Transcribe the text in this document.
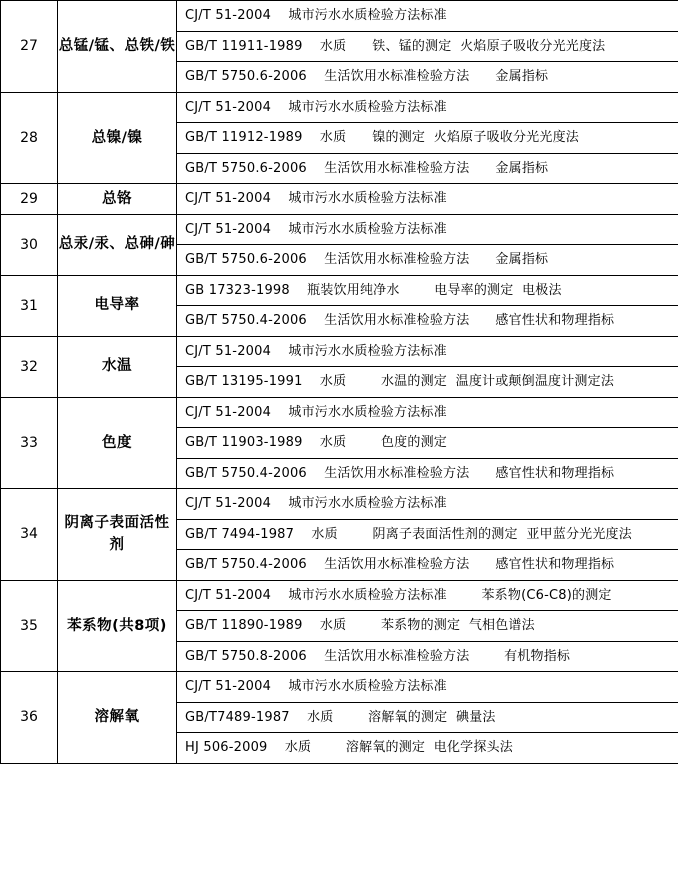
27	总锰/锰、总铁/铁	CJ/T 51-2004    城市污水水质检验方法标准
GB/T 11911-1989    水质      铁、锰的测定  火焰原子吸收分光光度法
GB/T 5750.6-2006    生活饮用水标准检验方法      金属指标

28	总镍/镍	CJ/T 51-2004    城市污水水质检验方法标准
GB/T 11912-1989    水质      镍的测定  火焰原子吸收分光光度法
GB/T 5750.6-2006    生活饮用水标准检验方法      金属指标

29	总铬	CJ/T 51-2004    城市污水水质检验方法标准

30	总汞/汞、总砷/砷	CJ/T 51-2004    城市污水水质检验方法标准
GB/T 5750.6-2006    生活饮用水标准检验方法      金属指标

31	电导率	GB 17323-1998    瓶装饮用纯净水        电导率的测定  电极法
GB/T 5750.4-2006    生活饮用水标准检验方法      感官性状和物理指标

32	水温	CJ/T 51-2004    城市污水水质检验方法标准
GB/T 13195-1991    水质        水温的测定  温度计或颠倒温度计测定法

33	色度	CJ/T 51-2004    城市污水水质检验方法标准
GB/T 11903-1989    水质        色度的测定
GB/T 5750.4-2006    生活饮用水标准检验方法      感官性状和物理指标

34	阴离子表面活性剂	CJ/T 51-2004    城市污水水质检验方法标准
GB/T 7494-1987    水质        阴离子表面活性剂的测定  亚甲蓝分光光度法
GB/T 5750.4-2006    生活饮用水标准检验方法      感官性状和物理指标

35	苯系物(共8项)	CJ/T 51-2004    城市污水水质检验方法标准        苯系物(C6-C8)的测定
GB/T 11890-1989    水质        苯系物的测定  气相色谱法
GB/T 5750.8-2006    生活饮用水标准检验方法        有机物指标

36	溶解氧	CJ/T 51-2004    城市污水水质检验方法标准
GB/T7489-1987    水质        溶解氧的测定  碘量法
HJ 506-2009    水质        溶解氧的测定  电化学探头法
